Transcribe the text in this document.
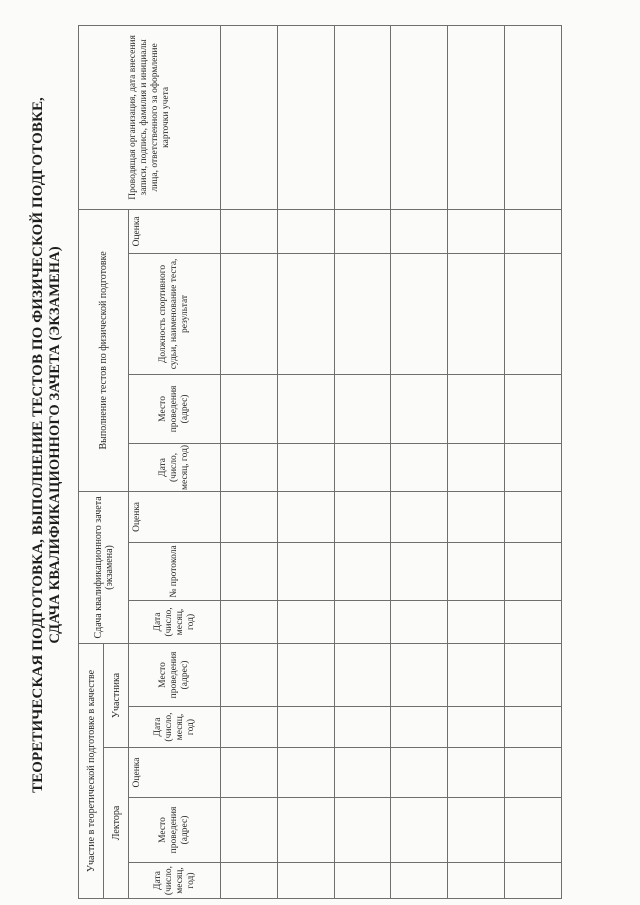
ТЕОРЕТИЧЕСКАЯ ПОДГОТОВКА, ВЫПОЛНЕНИЕ ТЕСТОВ ПО ФИЗИЧЕСКОЙ ПОДГОТОВКЕ, СДАЧА КВАЛИФИКАЦИОННОГО ЗАЧЕТА (ЭКЗАМЕНА)
Участие в теоретической подготовке в качестве					Сдача квалификационного зачета (экзамена)			Выполнение тестов по физической подготовке				Проводящая организация, дата внесения записи, подпись, фамилия и инициалы лица, ответственного за оформление карточки учета

Лектора			Участника									

Дата (число, месяц, год)	Место проведения (адрес)	Оценка	Дата (число, месяц, год)	Место проведения (адрес)	Дата (число, месяц, год)	№ протокола	Оценка	Дата (число, месяц, год)	Место проведения (адрес)	Должность спортивного судьи, наименование теста, результат	Оценка	
